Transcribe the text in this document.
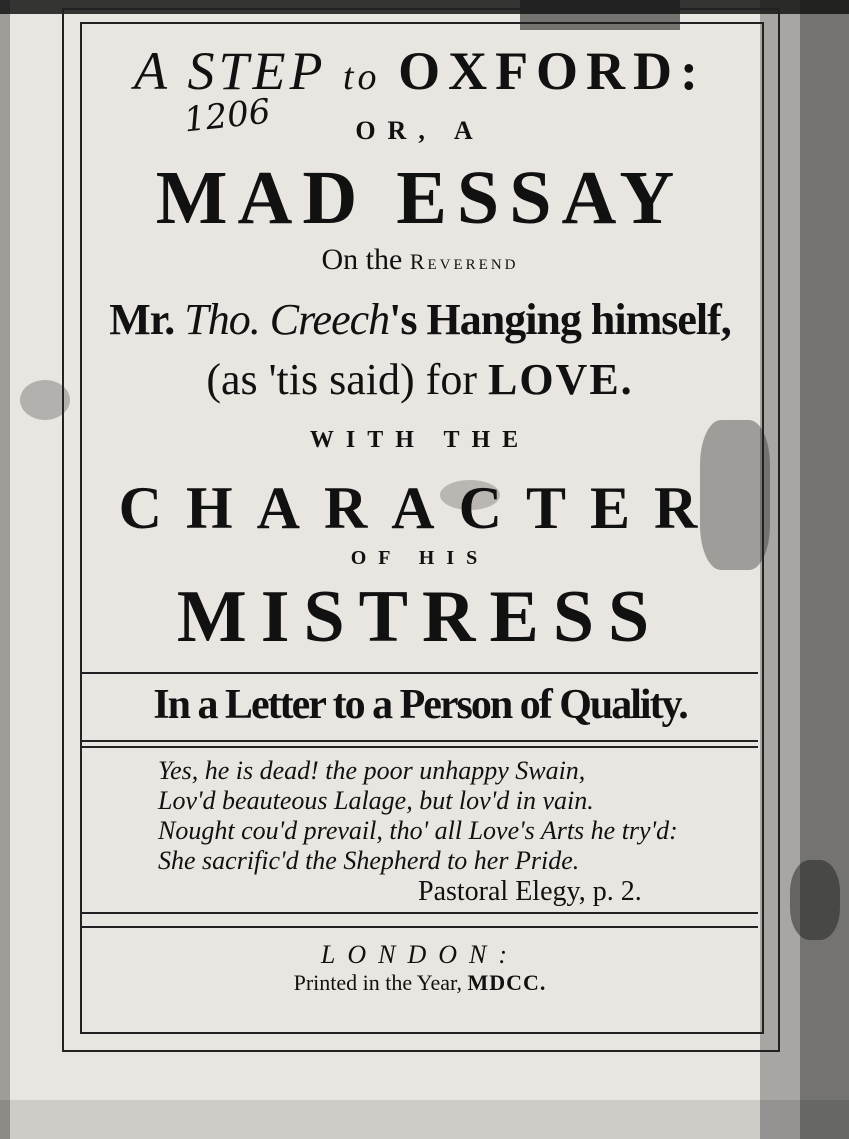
A STEP to OXFORD:
1206	OR, A
MAD ESSAY
On the Reverend
Mr. Tho. Creech's Hanging himself,
(as 'tis said) for LOVE.
WITH THE
CHARACTER
OF HIS
MISTRESS
In a Letter to a Person of Quality.
Yes, he is dead! the poor unhappy Swain,
Lov'd beauteous Lalage, but lov'd in vain.
Nought cou'd prevail, tho' all Love's Arts he try'd:
She sacrific'd the Shepherd to her Pride.
Pastoral Elegy, p. 2.
LONDON:
Printed in the Year, MDCC.
